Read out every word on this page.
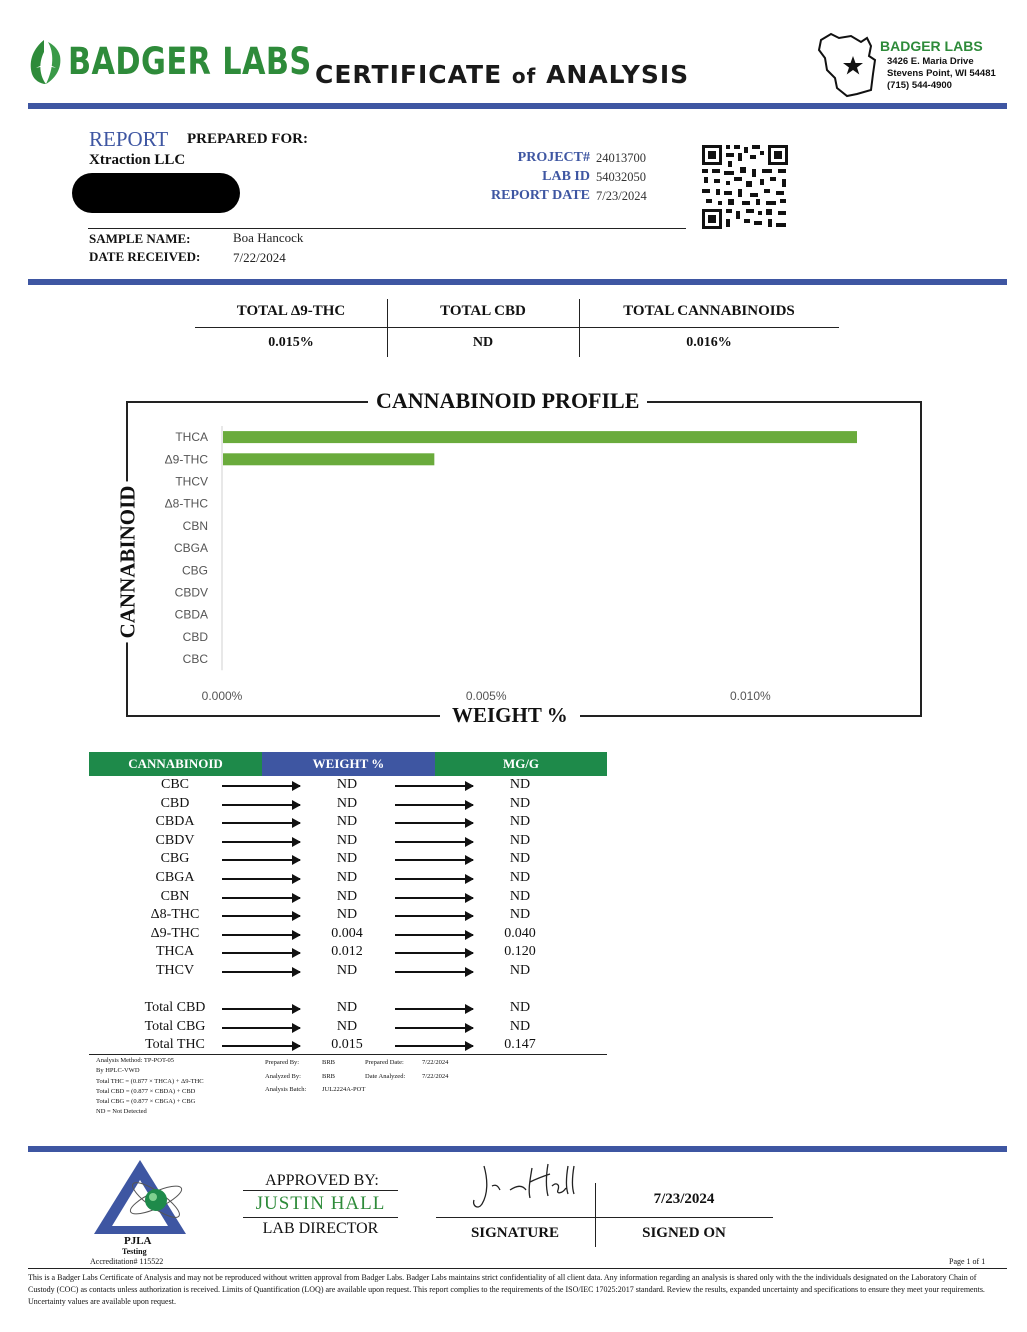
BADGER LABS CERTIFICATE of ANALYSIS
BADGER LABS
3426 E. Maria Drive
Stevens Point, WI 54481
(715) 544-4900
REPORT PREPARED FOR:
Xtraction LLC	PROJECT# 24013700
LAB ID 54032050
REPORT DATE 7/23/2024
SAMPLE NAME:	Boa Hancock
DATE RECEIVED:	7/22/2024
TOTAL Δ9-THC	TOTAL CBD	TOTAL CANNABINOIDS
0.015%	ND	0.016%
CANNABINOID PROFILE
WEIGHT %
CANNABINOID
THCA
Δ9-THC
THCV
Δ8-THC
CBN
CBGA
CBG
CBDV
CBDA
CBD
CBC
0.000%	0.005%	0.010%
CANNABINOID	WEIGHT %	MG/G
CBC	ND	ND
CBD	ND	ND
CBDA	ND	ND
CBDV	ND	ND
CBG	ND	ND
CBGA	ND	ND
CBN	ND	ND
Δ8-THC	ND	ND
Δ9-THC	0.004	0.040
THCA	0.012	0.120
THCV	ND	ND
Total CBD	ND	ND
Total CBG	ND	ND
Total THC	0.015	0.147
Analysis Method: TP-POT-05
By HPLC-VWD
Total THC = (0.877 × THCA) + Δ9-THC
Total CBD = (0.877 × CBDA) + CBD
Total CBG = (0.877 × CBGA) + CBG
ND = Not Detected
Prepared By:	BRB	Prepared Date:	7/22/2024
Analyzed By:	BRB	Date Analyzed:	7/22/2024
Analysis Batch: JUL2224A-POT
PJLA
Testing
Accreditation# 115522
APPROVED BY:
JUSTIN HALL
LAB DIRECTOR
7/23/2024
SIGNATURE	SIGNED ON
Page 1 of 1
This is a Badger Labs Certificate of Analysis and may not be reproduced without written approval from Badger Labs. Badger Labs maintains strict confidentiality of all client data. Any information regarding an analysis is shared only with the the individuals designated on the Laboratory Chain of Custody (COC) as contacts unless authorization is received. Limits of Quantification (LOQ) are available upon request. This report complies to the requirements of the ISO/IEC 17025:2017 standard. Review the results, expanded uncertainty and specifications to ensure they meet your requirements. Uncertainty values are available upon request.
